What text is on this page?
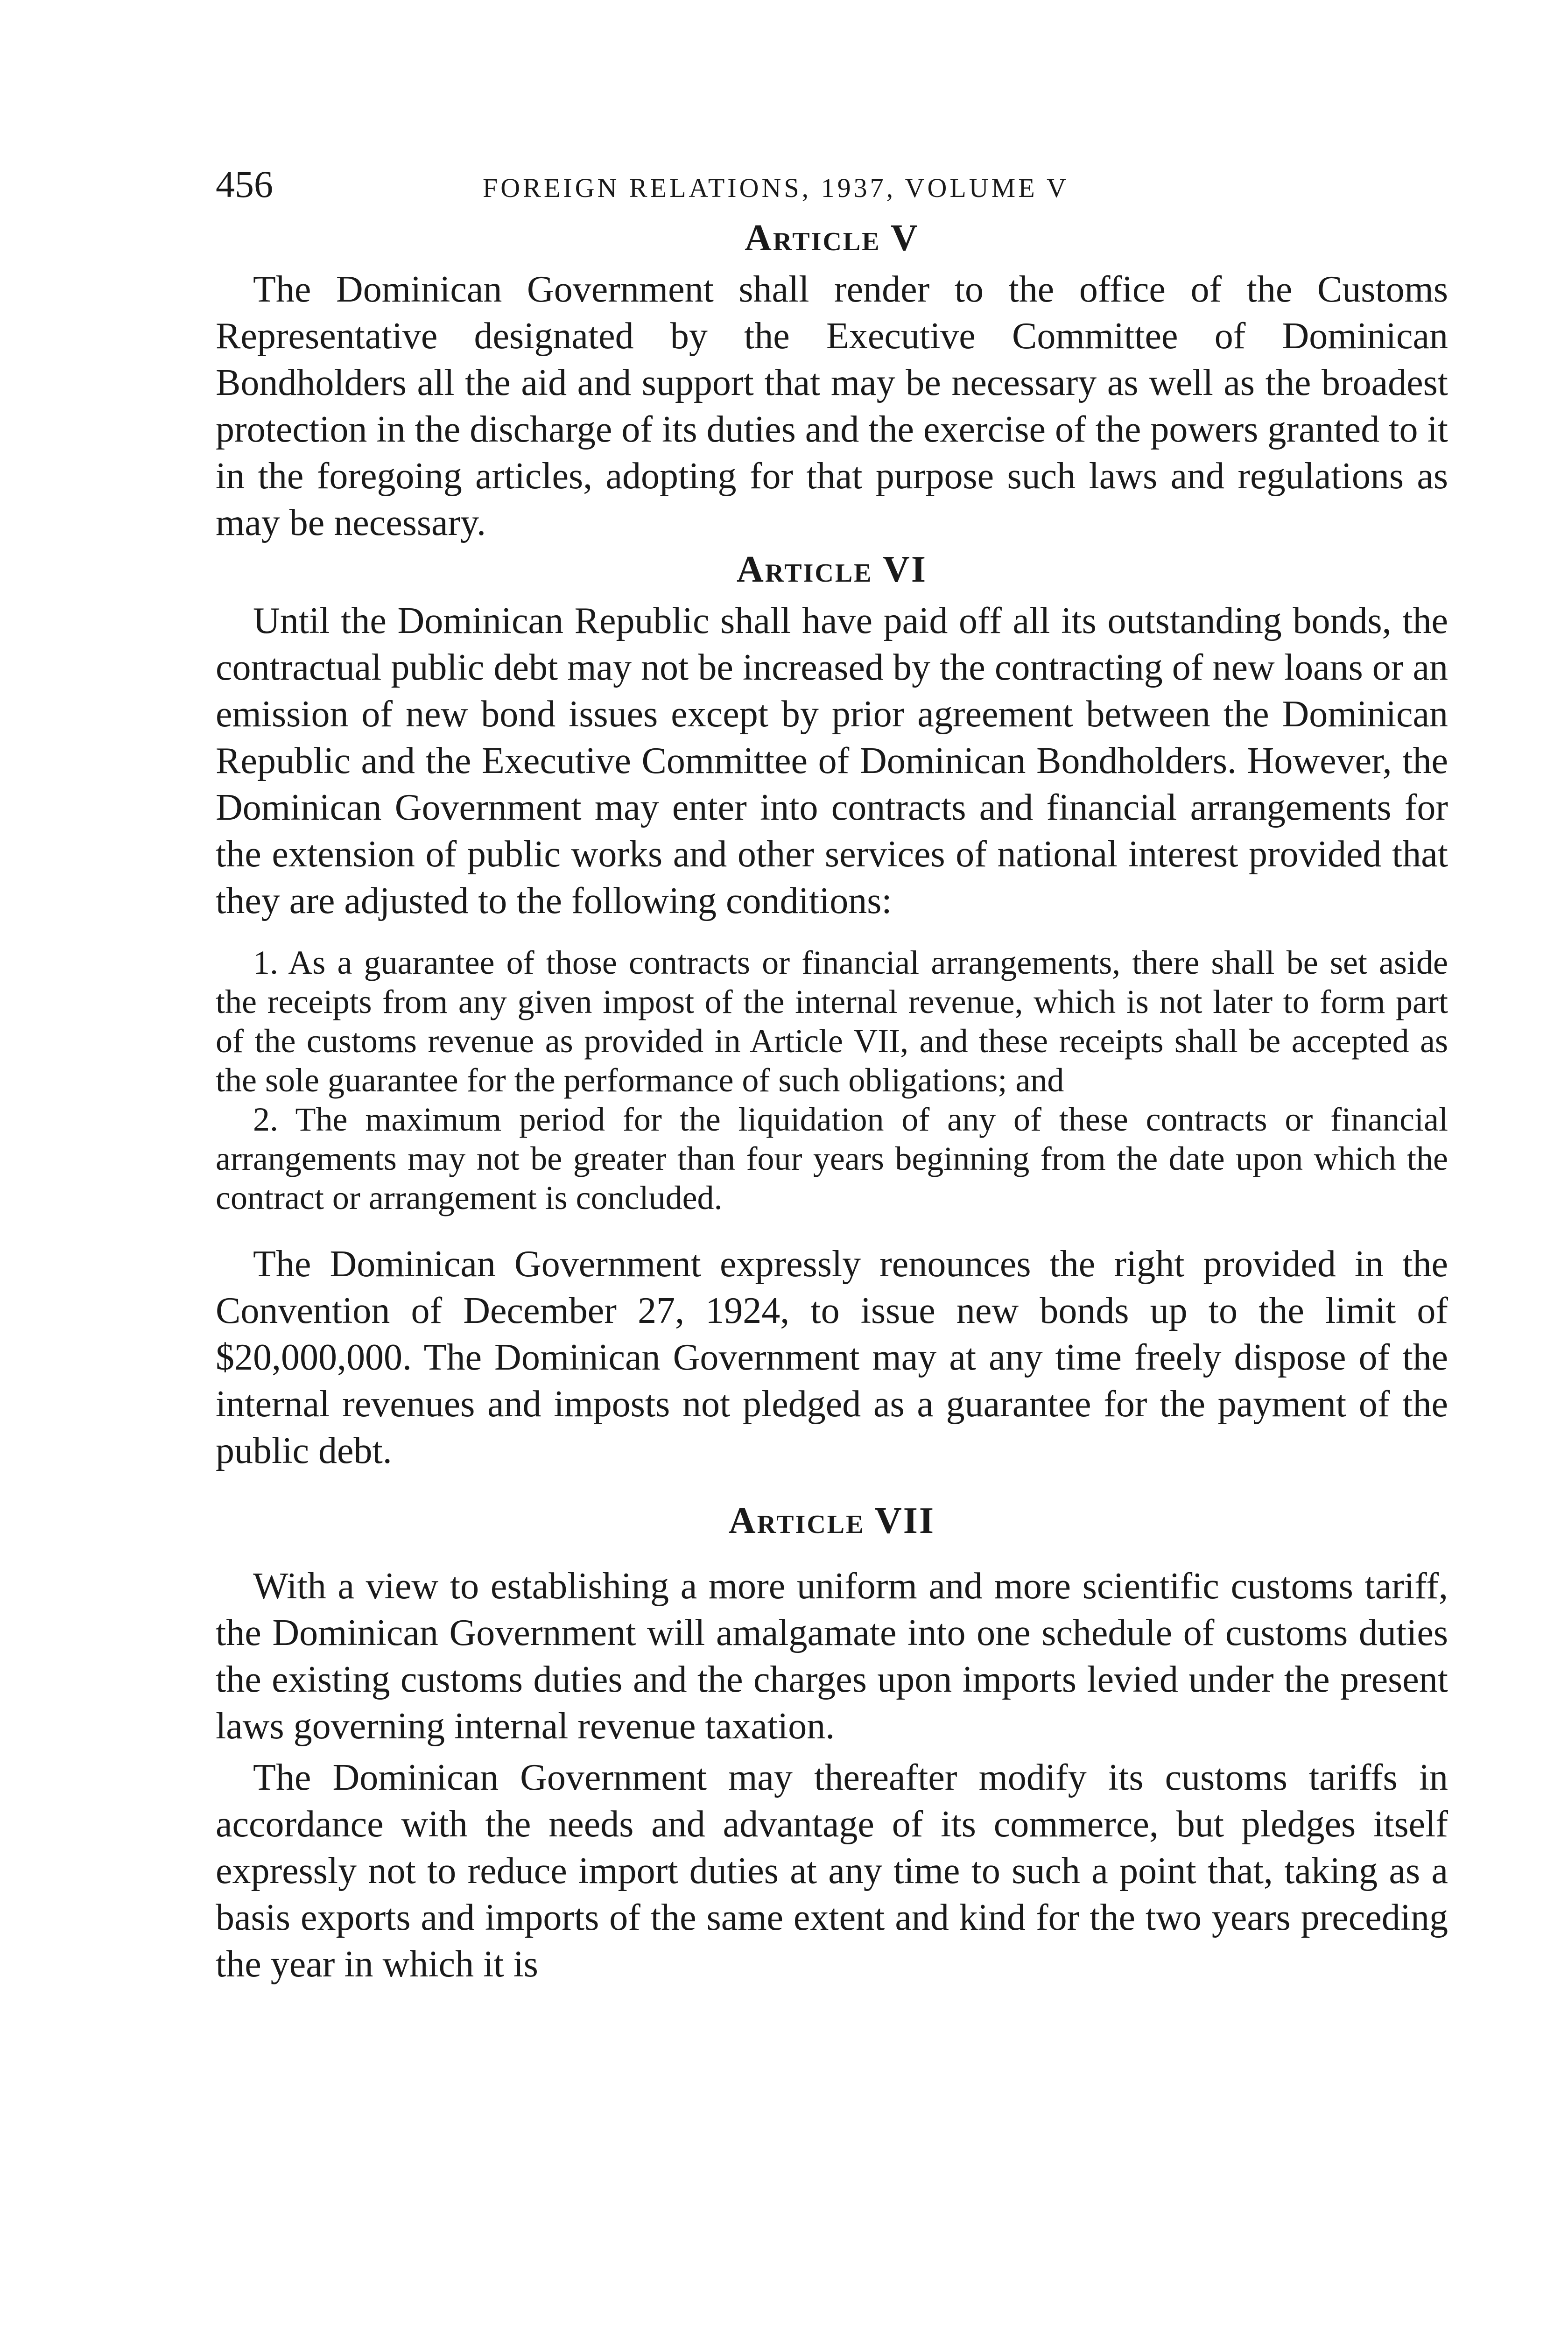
456	FOREIGN RELATIONS, 1937, VOLUME V
Article V

The Dominican Government shall render to the office of the Customs Representative designated by the Executive Committee of Dominican Bondholders all the aid and support that may be necessary as well as the broadest protection in the discharge of its duties and the exercise of the powers granted to it in the foregoing articles, adopting for that purpose such laws and regulations as may be necessary.

Article VI

Until the Dominican Republic shall have paid off all its outstanding bonds, the contractual public debt may not be increased by the contracting of new loans or an emission of new bond issues except by prior agreement between the Dominican Republic and the Executive Committee of Dominican Bondholders. However, the Dominican Government may enter into contracts and financial arrangements for the extension of public works and other services of national interest provided that they are adjusted to the following conditions:

1. As a guarantee of those contracts or financial arrangements, there shall be set aside the receipts from any given impost of the internal revenue, which is not later to form part of the customs revenue as provided in Article VII, and these receipts shall be accepted as the sole guarantee for the performance of such obligations; and

2. The maximum period for the liquidation of any of these contracts or financial arrangements may not be greater than four years beginning from the date upon which the contract or arrangement is concluded.

The Dominican Government expressly renounces the right provided in the Convention of December 27, 1924, to issue new bonds up to the limit of $20,000,000. The Dominican Government may at any time freely dispose of the internal revenues and imposts not pledged as a guarantee for the payment of the public debt.

Article VII

With a view to establishing a more uniform and more scientific customs tariff, the Dominican Government will amalgamate into one schedule of customs duties the existing customs duties and the charges upon imports levied under the present laws governing internal revenue taxation.

The Dominican Government may thereafter modify its customs tariffs in accordance with the needs and advantage of its commerce, but pledges itself expressly not to reduce import duties at any time to such a point that, taking as a basis exports and imports of the same extent and kind for the two years preceding the year in which it is
